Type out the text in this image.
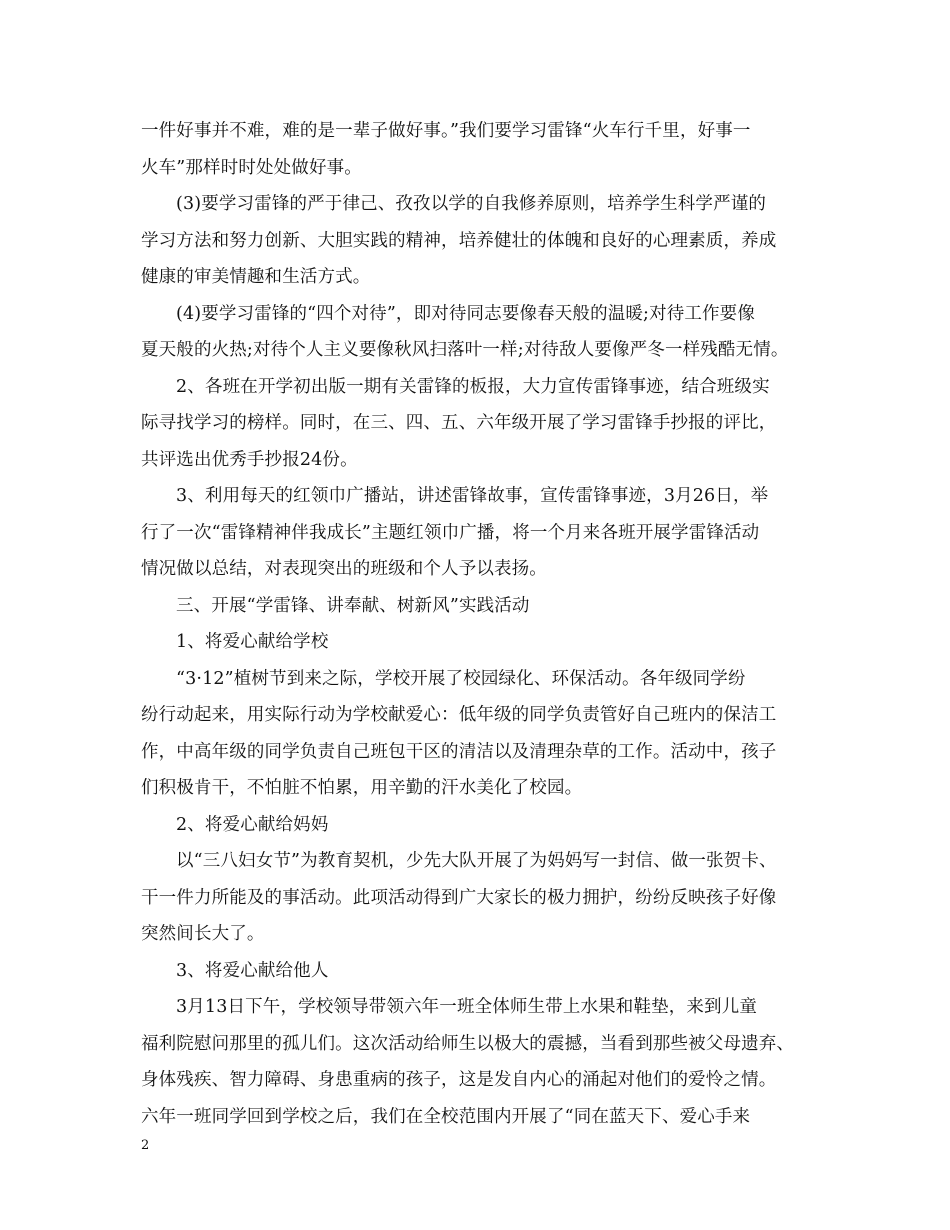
一件好事并不难，难的是一辈子做好事。”我们要学习雷锋“火车行千里，好事一
火车”那样时时处处做好事。
(3)要学习雷锋的严于律己、孜孜以学的自我修养原则，培养学生科学严谨的
学习方法和努力创新、大胆实践的精神，培养健壮的体魄和良好的心理素质，养成
健康的审美情趣和生活方式。
(4)要学习雷锋的“四个对待”，即对待同志要像春天般的温暖;对待工作要像
夏天般的火热;对待个人主义要像秋风扫落叶一样;对待敌人要像严冬一样残酷无情。
2、各班在开学初出版一期有关雷锋的板报，大力宣传雷锋事迹，结合班级实
际寻找学习的榜样。同时，在三、四、五、六年级开展了学习雷锋手抄报的评比，
共评选出优秀手抄报24份。
3、利用每天的红领巾广播站，讲述雷锋故事，宣传雷锋事迹，3月26日，举
行了一次“雷锋精神伴我成长”主题红领巾广播，将一个月来各班开展学雷锋活动
情况做以总结，对表现突出的班级和个人予以表扬。
三、开展“学雷锋、讲奉献、树新风”实践活动
1、将爱心献给学校
“3·12”植树节到来之际，学校开展了校园绿化、环保活动。各年级同学纷
纷行动起来，用实际行动为学校献爱心：低年级的同学负责管好自己班内的保洁工
作，中高年级的同学负责自己班包干区的清洁以及清理杂草的工作。活动中，孩子
们积极肯干，不怕脏不怕累，用辛勤的汗水美化了校园。
2、将爱心献给妈妈
以“三八妇女节”为教育契机，少先大队开展了为妈妈写一封信、做一张贺卡、
干一件力所能及的事活动。此项活动得到广大家长的极力拥护，纷纷反映孩子好像
突然间长大了。
3、将爱心献给他人
3月13日下午，学校领导带领六年一班全体师生带上水果和鞋垫，来到儿童
福利院慰问那里的孤儿们。这次活动给师生以极大的震撼，当看到那些被父母遗弃、
身体残疾、智力障碍、身患重病的孩子，这是发自内心的涌起对他们的爱怜之情。
六年一班同学回到学校之后，我们在全校范围内开展了“同在蓝天下、爱心手来
2
